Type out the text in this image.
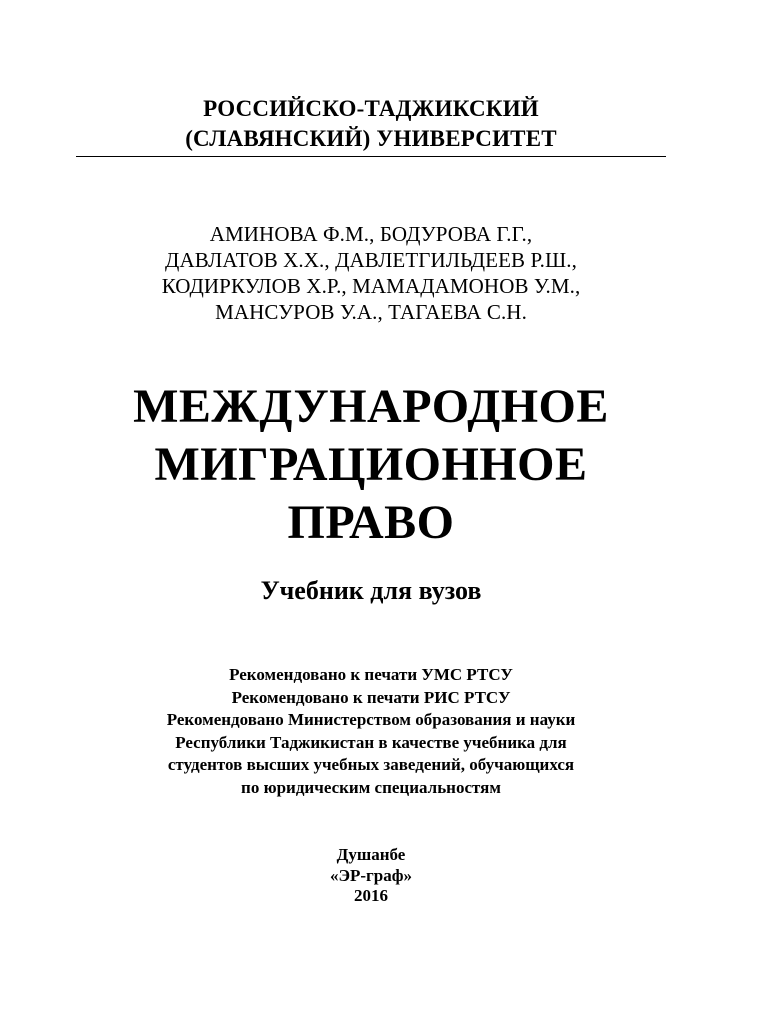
РОССИЙСКО-ТАДЖИКСКИЙ
(СЛАВЯНСКИЙ) УНИВЕРСИТЕТ
АМИНОВА Ф.М., БОДУРОВА Г.Г.,
ДАВЛАТОВ Х.Х., ДАВЛЕТГИЛЬДЕЕВ Р.Ш.,
КОДИРКУЛОВ Х.Р., МАМАДАМОНОВ У.М.,
МАНСУРОВ У.А., ТАГАЕВА С.Н.
МЕЖДУНАРОДНОЕ
МИГРАЦИОННОЕ
ПРАВО
Учебник для вузов
Рекомендовано к печати УМС РТСУ
Рекомендовано к печати РИС РТСУ
Рекомендовано Министерством образования и науки
Республики Таджикистан в качестве учебника для
студентов высших учебных заведений, обучающихся
по юридическим специальностям
Душанбе
«ЭР-граф»
2016
